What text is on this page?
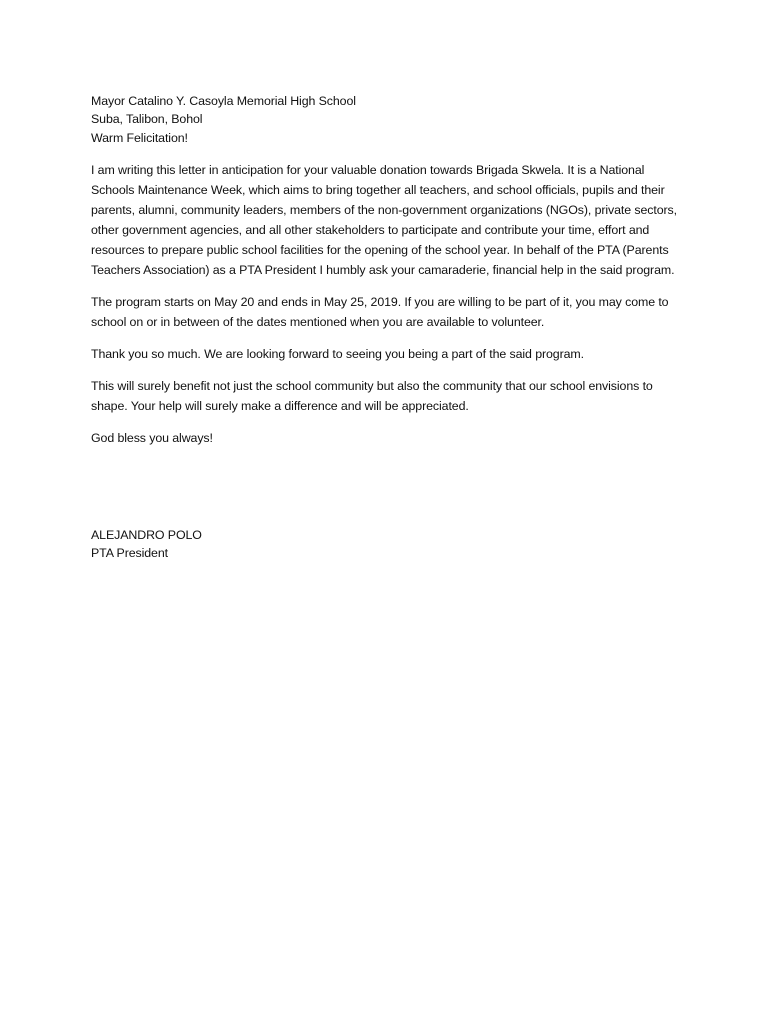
Mayor Catalino Y. Casoyla Memorial High School
Suba, Talibon, Bohol

Warm Felicitation!

I am writing this letter in anticipation for your valuable donation towards Brigada Skwela. It is a National Schools Maintenance Week, which aims to bring together all teachers, and school officials, pupils and their parents, alumni, community leaders, members of the non-government organizations (NGOs), private sectors, other government agencies, and all other stakeholders to participate and contribute your time, effort and resources to prepare public school facilities for the opening of the school year. In behalf of the PTA (Parents Teachers Association) as a PTA President I humbly ask your camaraderie, financial help in the said program.

The program starts on May 20 and ends in May 25, 2019. If you are willing to be part of it, you may come to school on or in between of the dates mentioned when you are available to volunteer.

Thank you so much. We are looking forward to seeing you being a part of the said program.

This will surely benefit not just the school community but also the community that our school envisions to shape. Your help will surely make a difference and will be appreciated.

God bless you always!

ALEJANDRO POLO
PTA President
